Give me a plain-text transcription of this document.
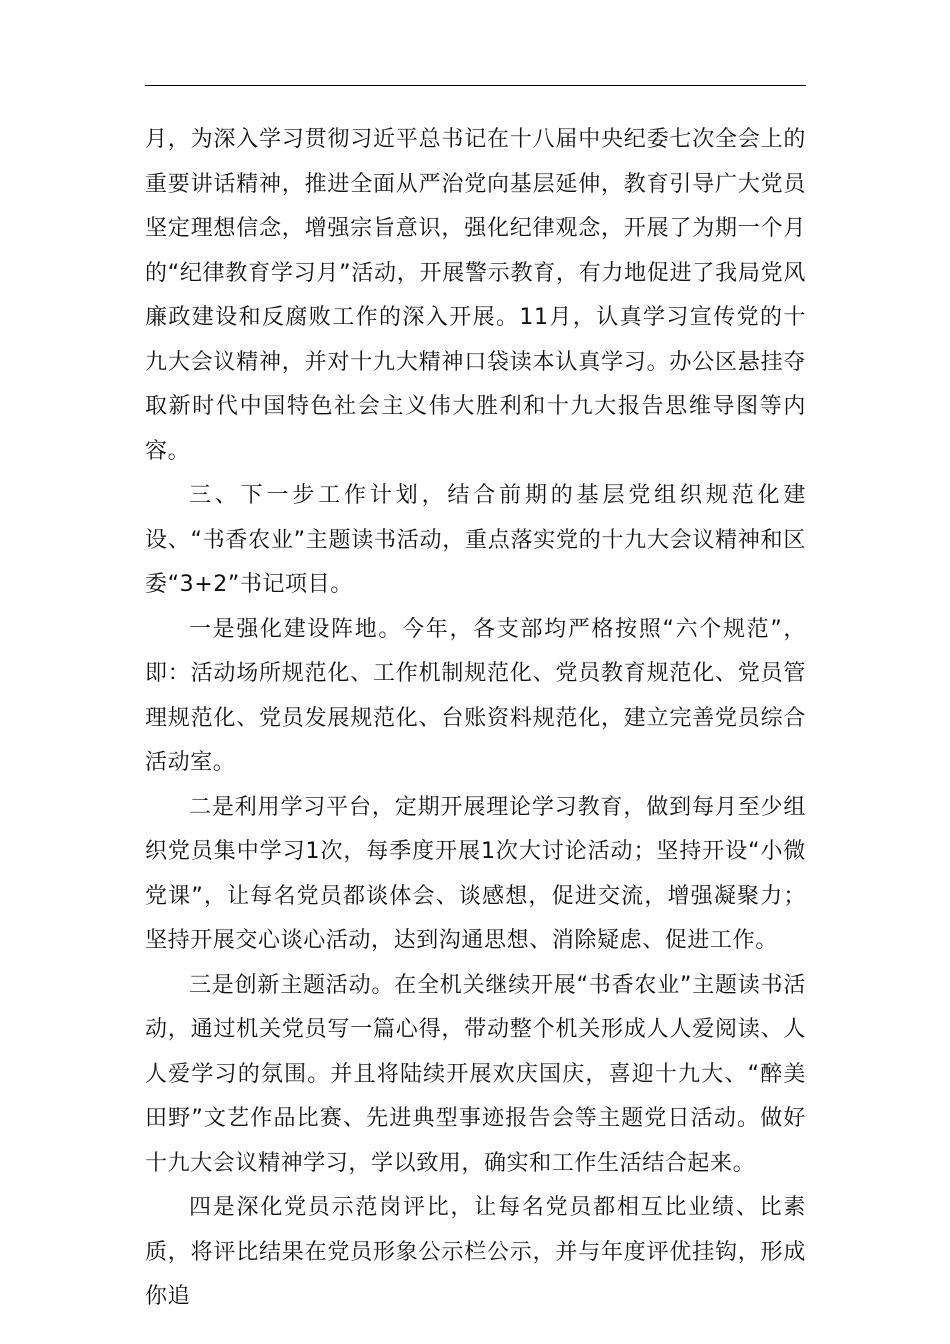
月，为深入学习贯彻习近平总书记在十八届中央纪委七次全会上的重要讲话精神，推进全面从严治党向基层延伸，教育引导广大党员坚定理想信念，增强宗旨意识，强化纪律观念，开展了为期一个月的“纪律教育学习月”活动，开展警示教育，有力地促进了我局党风廉政建设和反腐败工作的深入开展。11月，认真学习宣传党的十九大会议精神，并对十九大精神口袋读本认真学习。办公区悬挂夺取新时代中国特色社会主义伟大胜利和十九大报告思维导图等内容。

三、下一步工作计划，结合前期的基层党组织规范化建设、“书香农业”主题读书活动，重点落实党的十九大会议精神和区委“3+2”书记项目。

一是强化建设阵地。今年，各支部均严格按照“六个规范”，即：活动场所规范化、工作机制规范化、党员教育规范化、党员管理规范化、党员发展规范化、台账资料规范化，建立完善党员综合活动室。

二是利用学习平台，定期开展理论学习教育，做到每月至少组织党员集中学习1次，每季度开展1次大讨论活动；坚持开设“小微党课”，让每名党员都谈体会、谈感想，促进交流，增强凝聚力；坚持开展交心谈心活动，达到沟通思想、消除疑虑、促进工作。

三是创新主题活动。在全机关继续开展“书香农业”主题读书活动，通过机关党员写一篇心得，带动整个机关形成人人爱阅读、人人爱学习的氛围。并且将陆续开展欢庆国庆，喜迎十九大、“醉美田野”文艺作品比赛、先进典型事迹报告会等主题党日活动。做好十九大会议精神学习，学以致用，确实和工作生活结合起来。

四是深化党员示范岗评比，让每名党员都相互比业绩、比素质，将评比结果在党员形象公示栏公示，并与年度评优挂钩，形成你追
